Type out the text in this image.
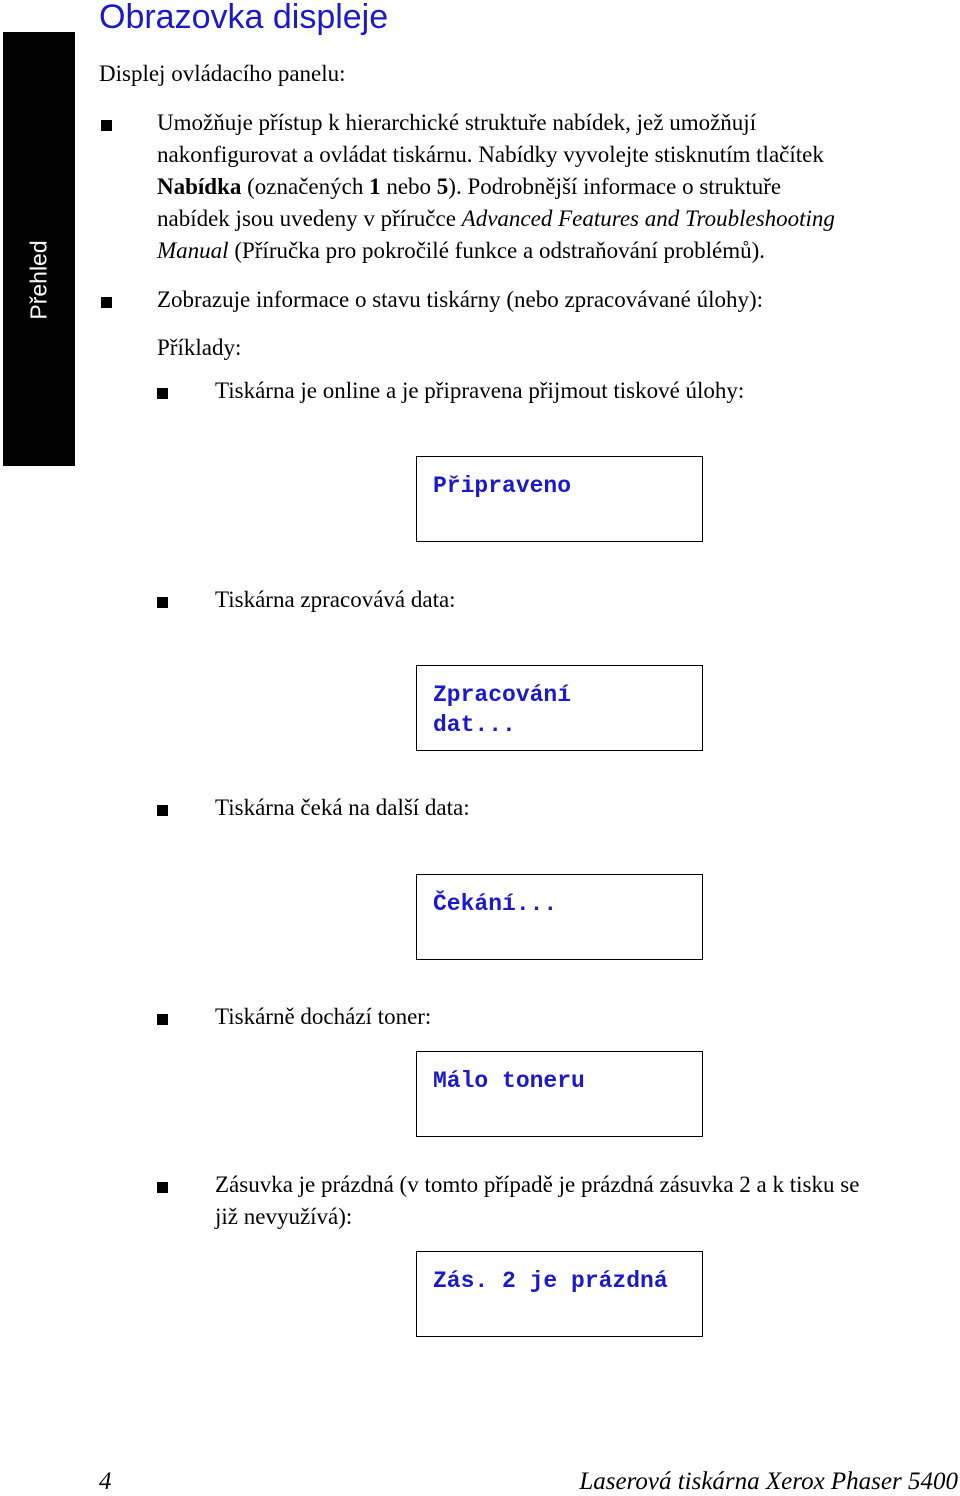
Přehled
Obrazovka displeje
Displej ovládacího panelu:
Umožňuje přístup k hierarchické struktuře nabídek, jež umožňují
nakonfigurovat a ovládat tiskárnu. Nabídky vyvolejte stisknutím tlačítek
Nabídka (označených 1 nebo 5). Podrobnější informace o struktuře
nabídek jsou uvedeny v příručce Advanced Features and Troubleshooting
Manual (Příručka pro pokročilé funkce a odstraňování problémů).
Zobrazuje informace o stavu tiskárny (nebo zpracovávané úlohy):
Příklady:
Tiskárna je online a je připravena přijmout tiskové úlohy:
Připraveno
Tiskárna zpracovává data:
Zpracování
dat...
Tiskárna čeká na další data:
Čekání...
Tiskárně dochází toner:
Málo toneru
Zásuvka je prázdná (v tomto případě je prázdná zásuvka 2 a k tisku se
již nevyužívá):
Zás. 2 je prázdná
4	Laserová tiskárna Xerox Phaser 5400
